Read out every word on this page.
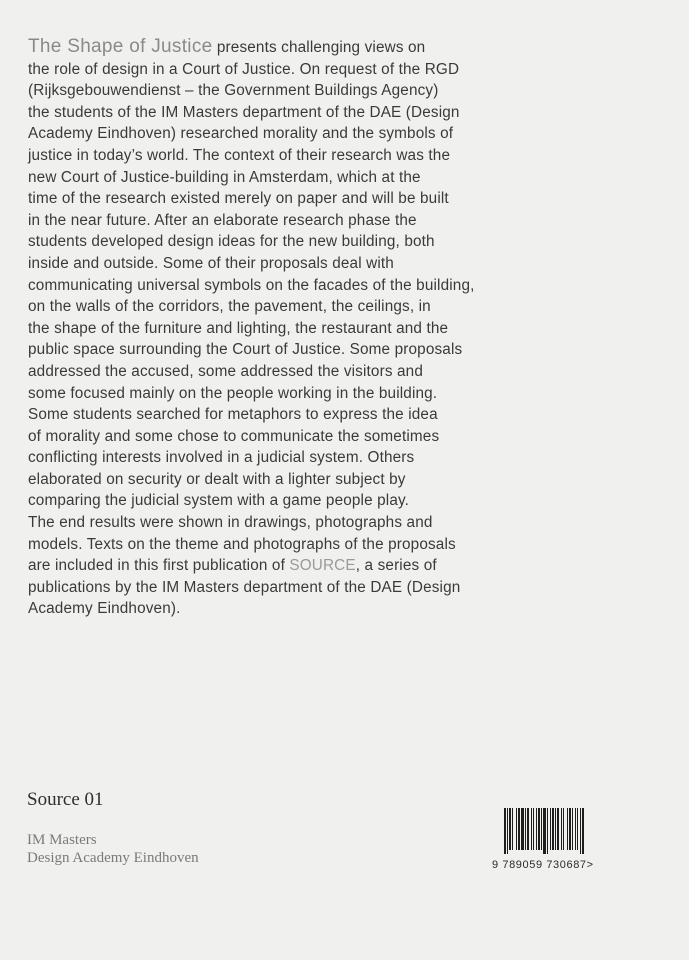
The Shape of Justice presents challenging views on
the role of design in a Court of Justice. On request of the RGD
(Rijksgebouwendienst – the Government Buildings Agency)
the students of the IM Masters department of the DAE (Design
Academy Eindhoven) researched morality and the symbols of
justice in today’s world. The context of their research was the
new Court of Justice-building in Amsterdam, which at the
time of the research existed merely on paper and will be built
in the near future. After an elaborate research phase the
students developed design ideas for the new building, both
inside and outside. Some of their proposals deal with
communicating universal symbols on the facades of the building,
on the walls of the corridors, the pavement, the ceilings, in
the shape of the furniture and lighting, the restaurant and the
public space surrounding the Court of Justice. Some proposals
addressed the accused, some addressed the visitors and
some focused mainly on the people working in the building.
Some students searched for metaphors to express the idea
of morality and some chose to communicate the sometimes
conflicting interests involved in a judicial system. Others
elaborated on security or dealt with a lighter subject by
comparing the judicial system with a game people play.
The end results were shown in drawings, photographs and
models. Texts on the theme and photographs of the proposals
are included in this first publication of SOURCE, a series of
publications by the IM Masters department of the DAE (Design
Academy Eindhoven).
Source 01
IM Masters
Design Academy Eindhoven	9 789059 730687>
